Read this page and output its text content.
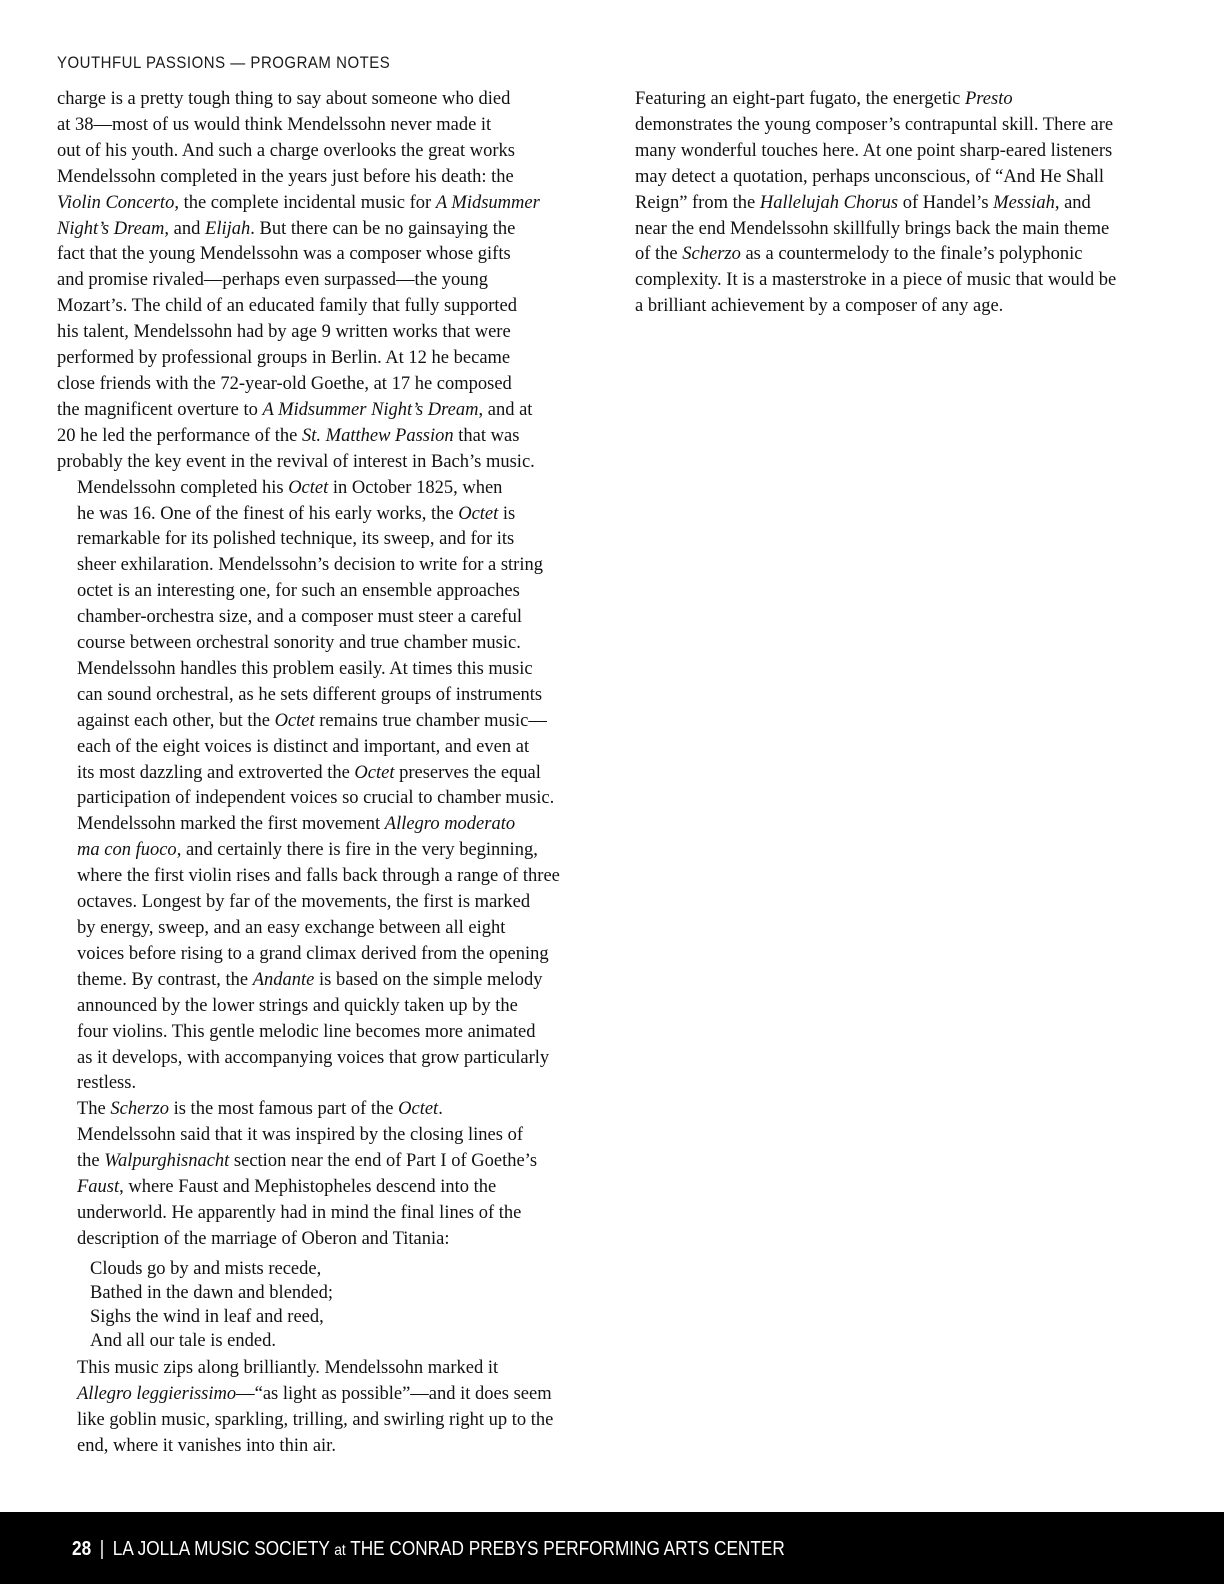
YOUTHFUL PASSIONS — PROGRAM NOTES

charge is a pretty tough thing to say about someone who died
at 38—most of us would think Mendelssohn never made it
out of his youth. And such a charge overlooks the great works
Mendelssohn completed in the years just before his death: the
Violin Concerto, the complete incidental music for A Midsummer
Night’s Dream, and Elijah. But there can be no gainsaying the
fact that the young Mendelssohn was a composer whose gifts
and promise rivaled—perhaps even surpassed—the young
Mozart’s. The child of an educated family that fully supported
his talent, Mendelssohn had by age 9 written works that were
performed by professional groups in Berlin. At 12 he became
close friends with the 72-year-old Goethe, at 17 he composed
the magnificent overture to A Midsummer Night’s Dream, and at
20 he led the performance of the St. Matthew Passion that was
probably the key event in the revival of interest in Bach’s music.

Mendelssohn completed his Octet in October 1825, when
he was 16. One of the finest of his early works, the Octet is
remarkable for its polished technique, its sweep, and for its
sheer exhilaration. Mendelssohn’s decision to write for a string
octet is an interesting one, for such an ensemble approaches
chamber-orchestra size, and a composer must steer a careful
course between orchestral sonority and true chamber music.
Mendelssohn handles this problem easily. At times this music
can sound orchestral, as he sets different groups of instruments
against each other, but the Octet remains true chamber music—
each of the eight voices is distinct and important, and even at
its most dazzling and extroverted the Octet preserves the equal
participation of independent voices so crucial to chamber music.

Mendelssohn marked the first movement Allegro moderato
ma con fuoco, and certainly there is fire in the very beginning,
where the first violin rises and falls back through a range of three
octaves. Longest by far of the movements, the first is marked
by energy, sweep, and an easy exchange between all eight
voices before rising to a grand climax derived from the opening
theme. By contrast, the Andante is based on the simple melody
announced by the lower strings and quickly taken up by the
four violins. This gentle melodic line becomes more animated
as it develops, with accompanying voices that grow particularly
restless.

The Scherzo is the most famous part of the Octet.
Mendelssohn said that it was inspired by the closing lines of
the Walpurghisnacht section near the end of Part I of Goethe’s
Faust, where Faust and Mephistopheles descend into the
underworld. He apparently had in mind the final lines of the
description of the marriage of Oberon and Titania:

Clouds go by and mists recede,
Bathed in the dawn and blended;
Sighs the wind in leaf and reed,
And all our tale is ended.

This music zips along brilliantly. Mendelssohn marked it
Allegro leggierissimo—“as light as possible”—and it does seem
like goblin music, sparkling, trilling, and swirling right up to the
end, where it vanishes into thin air.

Featuring an eight-part fugato, the energetic Presto
demonstrates the young composer’s contrapuntal skill. There are
many wonderful touches here. At one point sharp-eared listeners
may detect a quotation, perhaps unconscious, of “And He Shall
Reign” from the Hallelujah Chorus of Handel’s Messiah, and
near the end Mendelssohn skillfully brings back the main theme
of the Scherzo as a countermelody to the finale’s polyphonic
complexity. It is a masterstroke in a piece of music that would be
a brilliant achievement by a composer of any age.

28 | LA JOLLA MUSIC SOCIETY at THE CONRAD PREBYS PERFORMING ARTS CENTER
